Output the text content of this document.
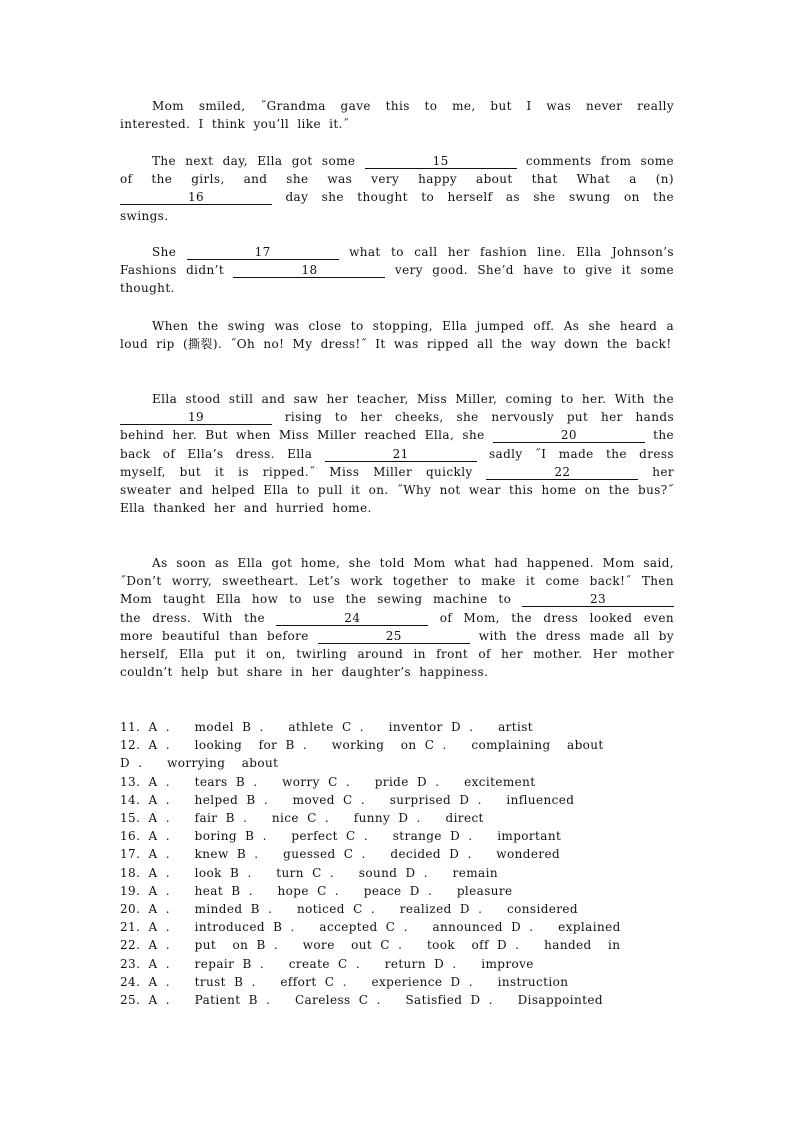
Mom smiled, ˝Grandma gave this to me, but I was never really interested. I think you’ll like it.˝

The next day, Ella got some	15	comments from some of the girls, and she was very happy about that What a (n) 16	day she thought to herself as she swung on the swings.

She	17	what to call her fashion line. Ella Johnson’s Fashions didn’t	18	very good. She’d have to give it some thought.

When the swing was close to stopping, Ella jumped off. As she heard a loud rip (撕裂). ˝Oh no! My dress!˝ It was ripped all the way down the back!

Ella stood still and saw her teacher, Miss Miller, coming to her. With the 19	rising to her cheeks, she nervously put her hands behind her. But when Miss Miller reached Ella, she	20	the back of Ella’s dress. Ella	21	sadly ˝I made the dress myself, but it is ripped.˝ Miss Miller quickly	22	her sweater and helped Ella to pull it on. ˝Why not wear this home on the bus?˝ Ella thanked her and hurried home.

As soon as Ella got home, she told Mom what had happened. Mom said, ˝Don’t worry, sweetheart. Let’s work together to make it come back!˝ Then Mom taught Ella how to use the sewing machine to	23 the dress. With the	24	of Mom, the dress looked even more beautiful than before	25	with the dress made all by herself, Ella put it on, twirling around in front of her mother. Her mother couldn’t help but share in her daughter’s happiness.

11. A .   model B .   athlete C .   inventor D .   artist
12. A .   looking  for B .   working  on C .   complaining  about
D .   worrying  about
13. A .   tears B .   worry C .   pride D .   excitement
14. A .   helped B .   moved C .   surprised D .   influenced
15. A .   fair B .   nice C .   funny D .   direct
16. A .   boring B .   perfect C .   strange D .   important
17. A .   knew B .   guessed C .   decided D .   wondered
18. A .   look B .   turn C .   sound D .   remain
19. A .   heat B .   hope C .   peace D .   pleasure
20. A .   minded B .   noticed C .   realized D .   considered
21. A .   introduced B .   accepted C .   announced D .   explained
22. A .   put  on B .   wore  out C .   took  off D .   handed  in
23. A .   repair B .   create C .   return D .   improve
24. A .   trust B .   effort C .   experience D .   instruction
25. A .   Patient B .   Careless C .   Satisfied D .   Disappointed
